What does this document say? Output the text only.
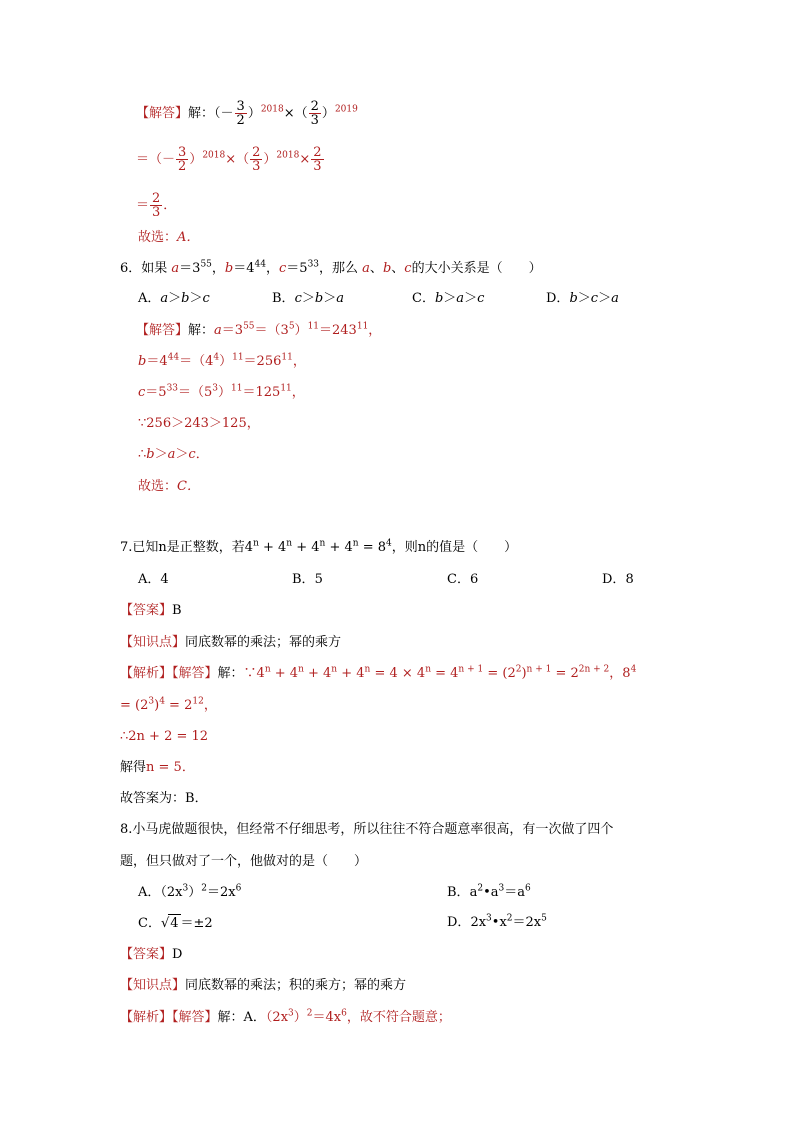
【解答】解：（－ $\frac{3}{2} )^{2018}\times( \frac{2}{3} )^{2019}$
＝（－ $\frac{3}{2} )^{2018}\times( \frac{2}{3} )^{2018}\times \frac{2}{3}$
＝ $\frac{2}{3}$ ．
故选：A．
6．如果 $a=3^{55}$，$b=4^{44}$，$c=5^{33}$，那么 a、b、c的大小关系是（　　）
A．a＞b＞c	B．c＞b＞a	C．b＞a＞c	D．b＞c＞a
【解答】解：$a=3^{55}=(3^5)^{11}=243^{11}$，
$b=4^{44}=(4^4)^{11}=256^{11}$，
$c=5^{33}=(5^3)^{11}=125^{11}$，
∵256＞243＞125，
∴b＞a＞c．
故选：C．
7.已知n是正整数，若$4^n + 4^n + 4^n + 4^n = 8^4$，则n的值是（　　）
A．4	B．5	C．6	D．8
【答案】B
【知识点】同底数幂的乘法；幂的乘方
【解析】【解答】解：$\because 4^n + 4^n + 4^n + 4^n = 4 \times 4^n = 4^{n + 1} = (2^2)^{n + 1} = 2^{2n + 2}$，$8^4$
= $(2^3)^4 = 2^{12}$，
∴2n + 2 = 12
解得n = 5．
故答案为：B．
8.小马虎做题很快，但经常不仔细思考，所以往往不符合题意率很高，有一次做了四个
题，但只做对了一个，他做对的是（　　）
A．$(2x^3)^2=2x^6$	B．$a^2•a^3=a^6$
C．√4 ＝±2	D．$2x^3•x^2=2x^5$
【答案】D
【知识点】同底数幂的乘法；积的乘方；幂的乘方
【解析】【解答】解：A．$(2x^3)^2=4x^6$，故不符合题意；
